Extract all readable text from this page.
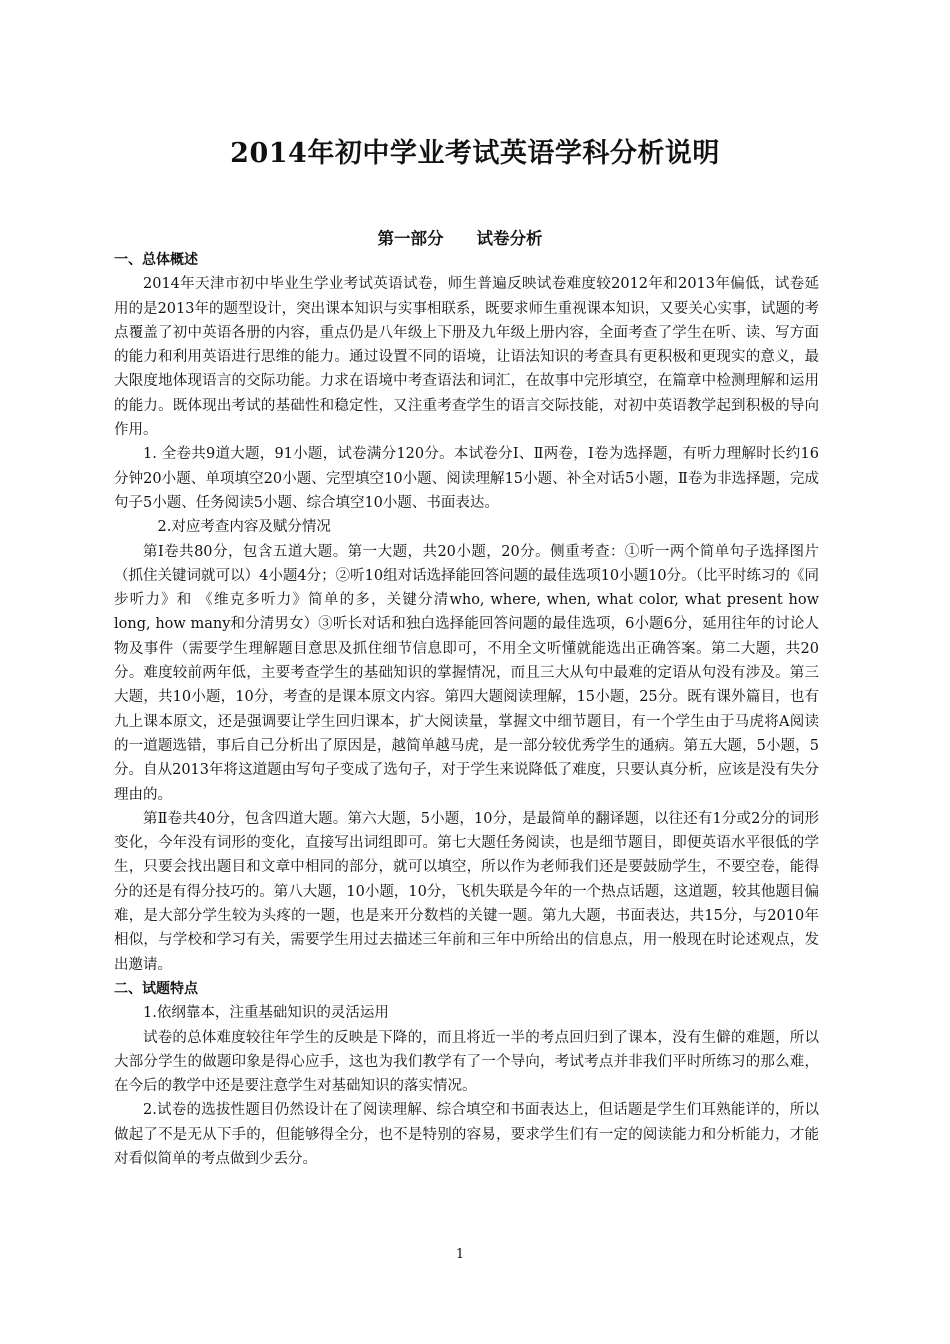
2014年初中学业考试英语学科分析说明
第一部分　　试卷分析

一、总体概述

2014年天津市初中毕业生学业考试英语试卷，师生普遍反映试卷难度较2012年和2013年偏低，试卷延用的是2013年的题型设计，突出课本知识与实事相联系，既要求师生重视课本知识，又要关心实事，试题的考点覆盖了初中英语各册的内容，重点仍是八年级上下册及九年级上册内容，全面考查了学生在听、读、写方面的能力和利用英语进行思维的能力。通过设置不同的语境，让语法知识的考查具有更积极和更现实的意义，最大限度地体现语言的交际功能。力求在语境中考查语法和词汇，在故事中完形填空，在篇章中检测理解和运用的能力。既体现出考试的基础性和稳定性，又注重考查学生的语言交际技能，对初中英语教学起到积极的导向作用。

1. 全卷共9道大题，91小题，试卷满分120分。本试卷分Ⅰ、Ⅱ两卷，I卷为选择题，有听力理解时长约16分钟20小题、单项填空20小题、完型填空10小题、阅读理解15小题、补全对话5小题，Ⅱ卷为非选择题，完成句子5小题、任务阅读5小题、综合填空10小题、书面表达。

2.对应考查内容及赋分情况

第Ⅰ卷共80分，包含五道大题。第一大题，共20小题，20分。侧重考查：①听一两个简单句子选择图片（抓住关键词就可以）4小题4分；②听10组对话选择能回答问题的最佳选项10小题10分。（比平时练习的《同步听力》和 《维克多听力》简单的多，关键分清who, where, when, what color, what present how long, how many和分清男女）③听长对话和独白选择能回答问题的最佳选项，6小题6分，延用往年的讨论人物及事件（需要学生理解题目意思及抓住细节信息即可，不用全文听懂就能选出正确答案。第二大题，共20分。难度较前两年低，主要考查学生的基础知识的掌握情况，而且三大从句中最难的定语从句没有涉及。第三大题，共10小题，10分，考查的是课本原文内容。第四大题阅读理解，15小题，25分。既有课外篇目，也有九上课本原文，还是强调要让学生回归课本，扩大阅读量，掌握文中细节题目，有一个学生由于马虎将A阅读的一道题选错，事后自己分析出了原因是，越简单越马虎，是一部分较优秀学生的通病。第五大题，5小题，5分。自从2013年将这道题由写句子变成了选句子，对于学生来说降低了难度，只要认真分析，应该是没有失分理由的。

第Ⅱ卷共40分，包含四道大题。第六大题，5小题，10分，是最简单的翻译题，以往还有1分或2分的词形变化，今年没有词形的变化，直接写出词组即可。第七大题任务阅读，也是细节题目，即便英语水平很低的学生，只要会找出题目和文章中相同的部分，就可以填空，所以作为老师我们还是要鼓励学生，不要空卷，能得分的还是有得分技巧的。第八大题，10小题，10分，飞机失联是今年的一个热点话题，这道题，较其他题目偏难，是大部分学生较为头疼的一题，也是来开分数档的关键一题。第九大题，书面表达，共15分，与2010年相似，与学校和学习有关，需要学生用过去描述三年前和三年中所给出的信息点，用一般现在时论述观点，发出邀请。

二、试题特点

1.依纲靠本，注重基础知识的灵活运用

试卷的总体难度较往年学生的反映是下降的，而且将近一半的考点回归到了课本，没有生僻的难题，所以大部分学生的做题印象是得心应手，这也为我们教学有了一个导向，考试考点并非我们平时所练习的那么难，在今后的教学中还是要注意学生对基础知识的落实情况。

2.试卷的选拔性题目仍然设计在了阅读理解、综合填空和书面表达上，但话题是学生们耳熟能详的，所以做起了不是无从下手的，但能够得全分，也不是特别的容易，要求学生们有一定的阅读能力和分析能力，才能对看似简单的考点做到少丢分。

1
